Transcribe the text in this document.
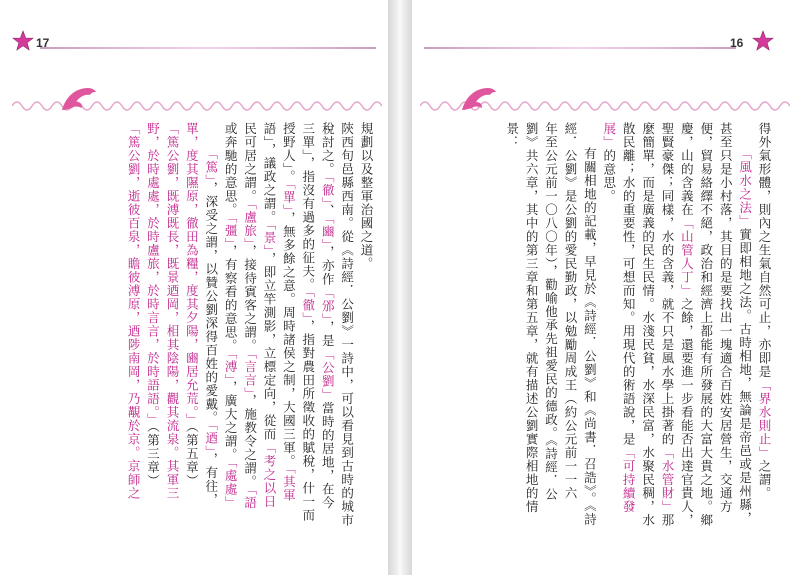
17

規劃以及整軍治國之道。

陝西旬邑縣西南。從《詩經．公劉》一詩中，可以看見到古時的城市

稅討之。「徹」、「豳」，亦作「邠」，是「公劉」當時的居地，在今

三單」，指沒有過多的征夫。「徹」，指對農田所徵收的賦稅，什一而

授野人」。「單」，無多餘之意。周時諸侯之制，大國三軍。「其軍

語」，議政之謂。「景」，即立竿測影，立標定向，從而「考之以日

民可居之謂。「盧旅」，接待賓客之謂。「言言」，施教令之謂。「語

或奔馳的意思。「彊」，有察看的意思。「溥」，廣大之謂。「處處」

「篤」，深受之謂，以贊公劉深得百姓的愛戴。「迺」，有往，

單，度其隰原，徹田為糧，度其夕陽，豳居允荒。」（第五章）

「篤公劉，既溥既長，既景迺岡，相其陰陽，觀其流泉。其軍三

野，於時處處，於時盧旅，於時言言，於時語語。」（第三章）

「篤公劉，逝彼百泉，瞻彼溥原，迺陟南岡，乃覯於京。京師之

16

得外氣形體，則內之生氣自然可止，亦即是「界水則止」之謂。

「風水之法」實即相地之法。古時相地，無論是帝邑或是州縣，

甚至只是小村落，其目的是要找出一塊適合百姓安居營生，交通方

便，貿易絡繹不絕，政治和經濟上都能有所發展的大富大貴之地。鄉

慶，山的含義在「山管人丁」之餘，還要進一步看能否出達官貴人，

聖賢豪傑；同樣，水的含義，就不只是風水學上掛著的「水管財」那

麼簡單，而是廣義的民生民情。水淺民貧，水深民富，水聚民稠，水

散民離；水的重要性，可想而知。用現代的術語說，是「可持續發

展」的意思。

有關相地的記載，早見於《詩經．公劉》和《尚書．召誥》。《詩

經．公劉》是公劉的愛民勤政，以勉勵周成王（約公元前一一六

年至公元前一〇八〇年），勸喻他承先祖愛民的德政。《詩經．公

劉》共六章，其中的第三章和第五章，就有描述公劉實際相地的情

景：
